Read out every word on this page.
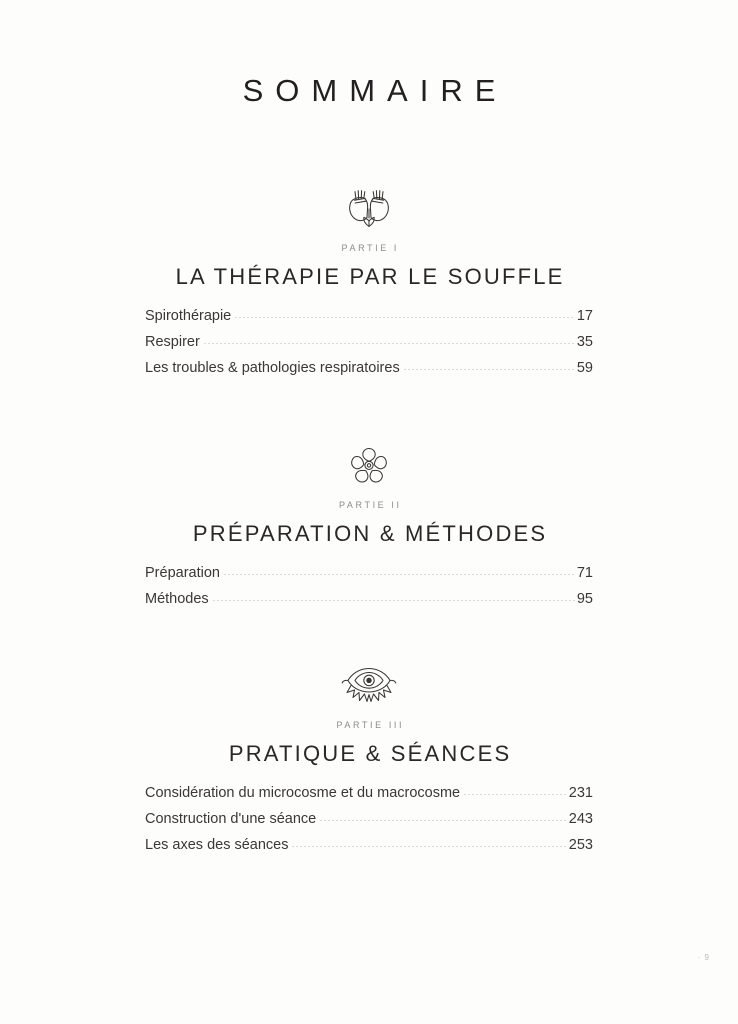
SOMMAIRE
PARTIE I
LA THÉRAPIE PAR LE SOUFFLE
Spirothérapie	17
Respirer	35
Les troubles & pathologies respiratoires	59
PARTIE II
PRÉPARATION & MÉTHODES
Préparation	71
Méthodes	95
PARTIE III
PRATIQUE & SÉANCES
Considération du microcosme et du macrocosme	231
Construction d'une séance	243
Les axes des séances	253
· 9
